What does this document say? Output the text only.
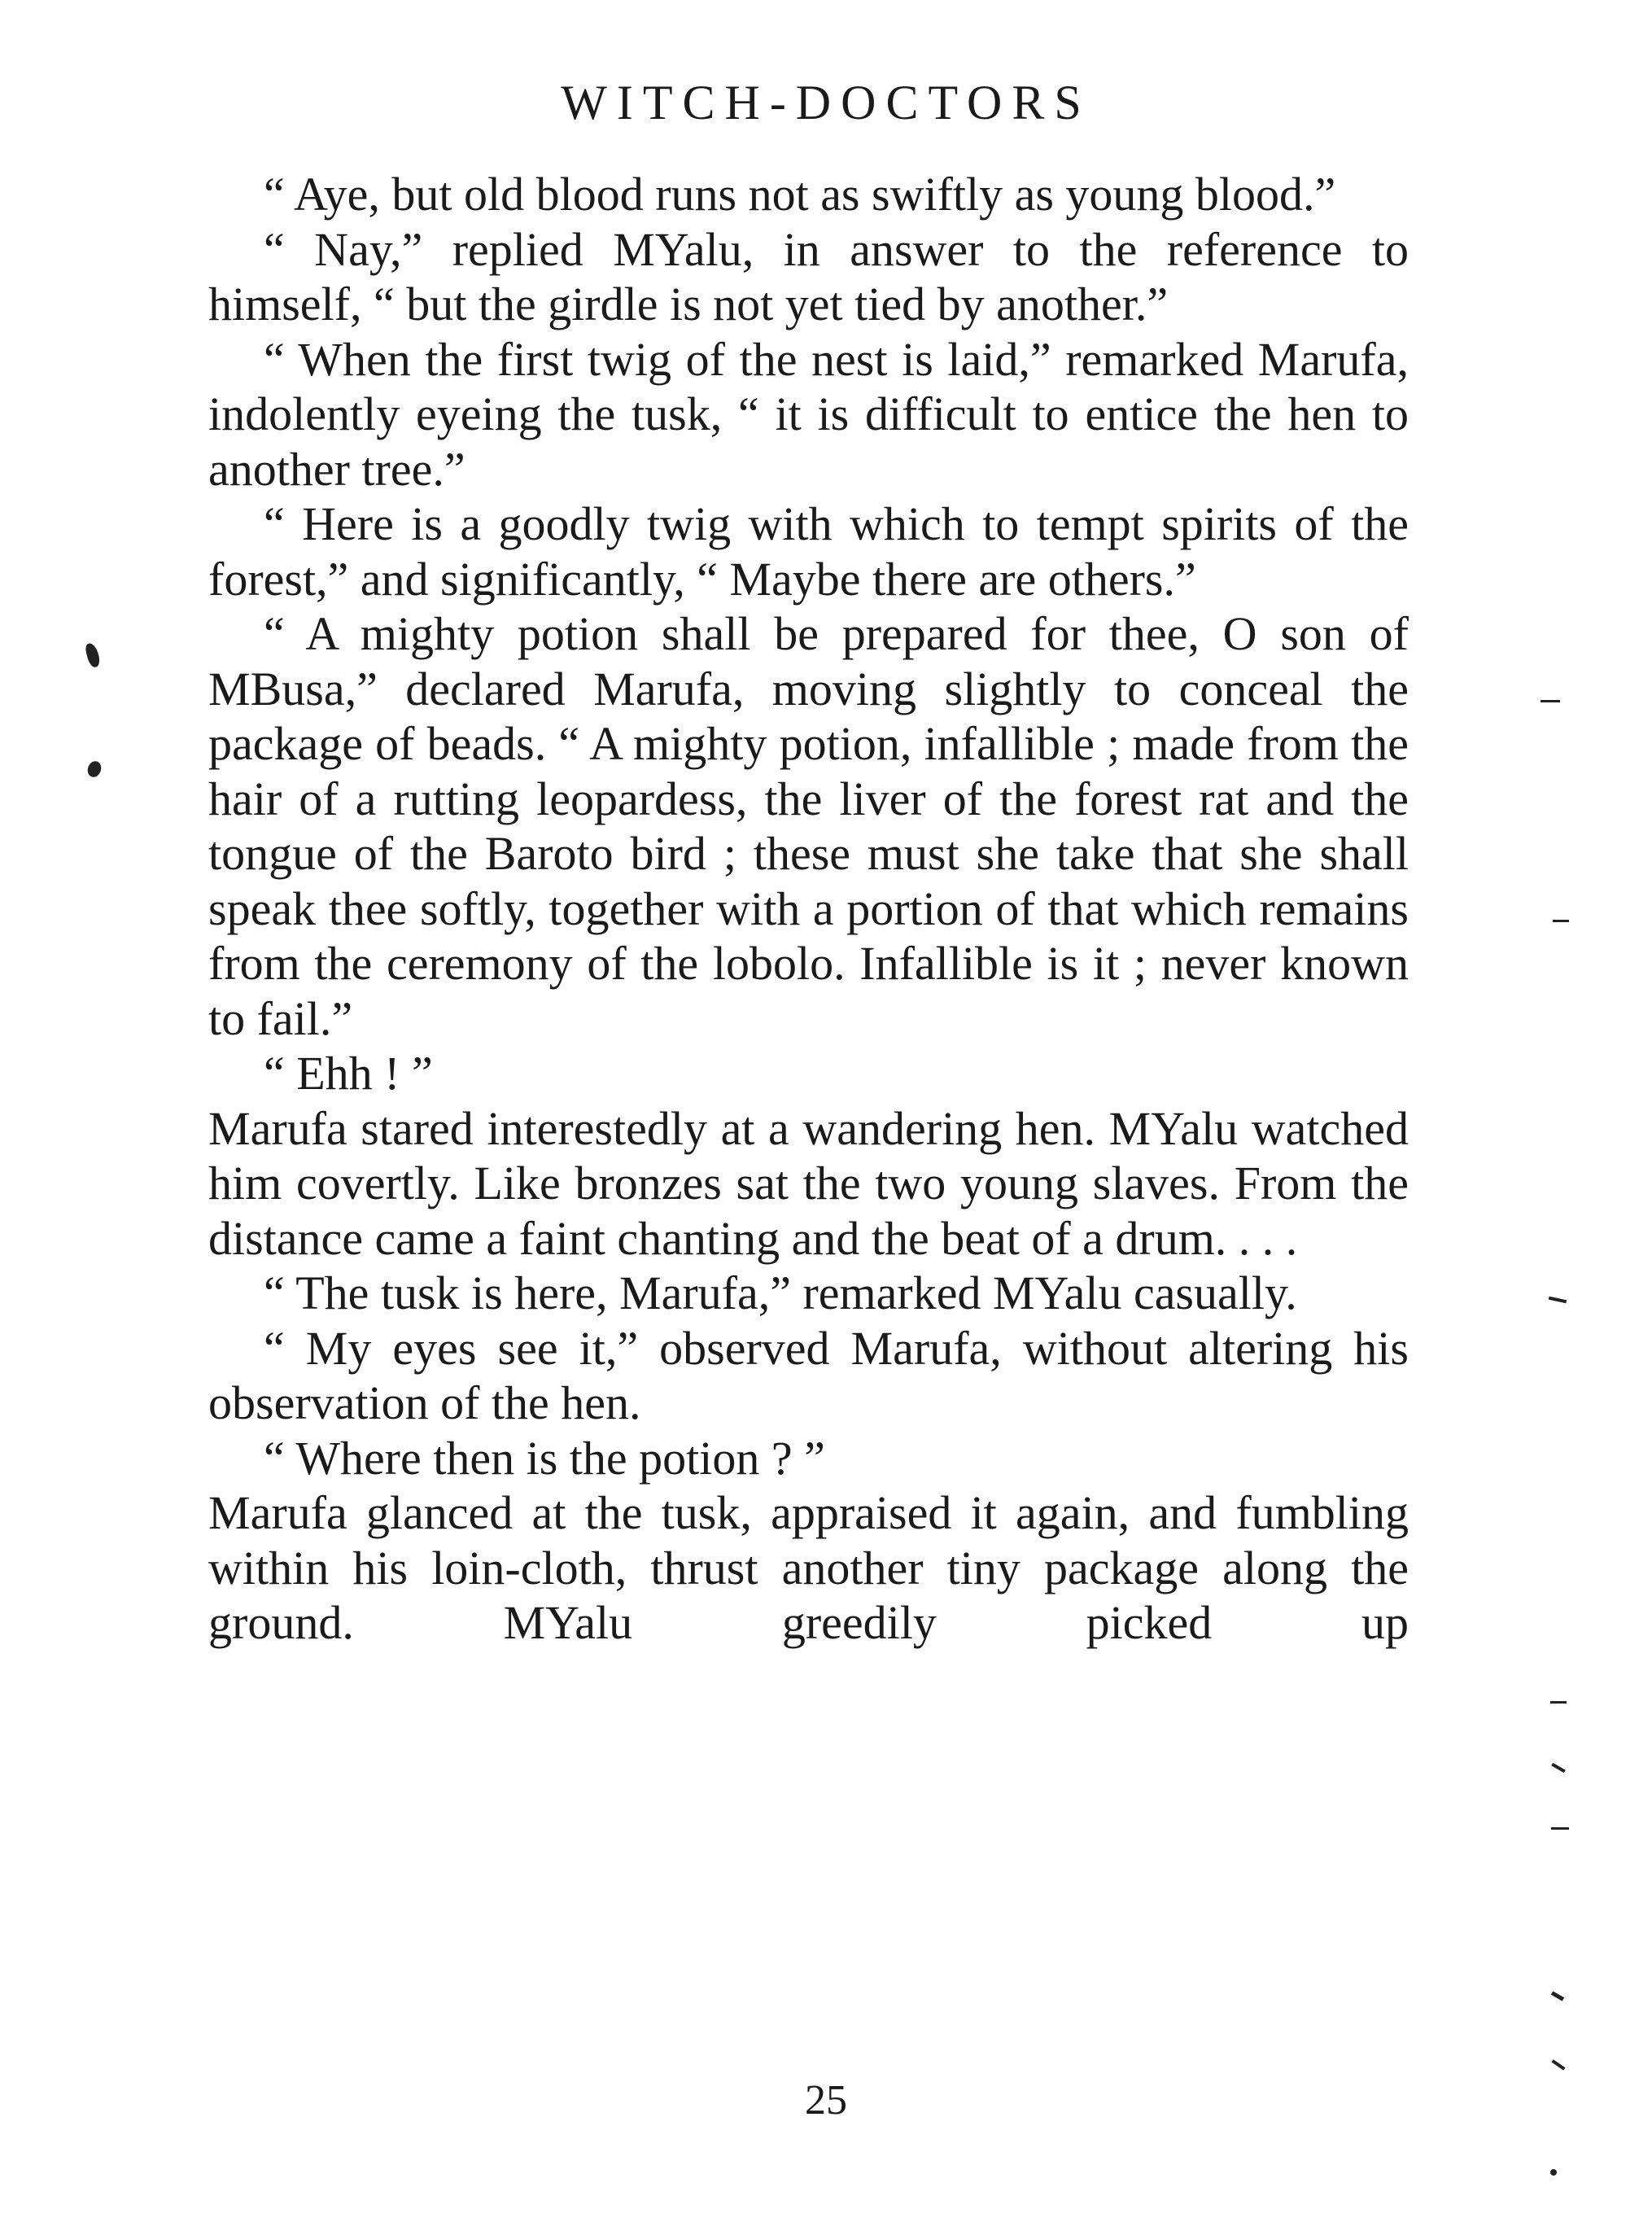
WITCH-DOCTORS

“ Aye, but old blood runs not as swiftly as young blood.”

“ Nay,” replied MYalu, in answer to the reference to himself, “ but the girdle is not yet tied by another.”

“ When the first twig of the nest is laid,” remarked Marufa, indolently eyeing the tusk, “ it is difficult to entice the hen to another tree.”

“ Here is a goodly twig with which to tempt spirits of the forest,” and significantly, “ Maybe there are others.”

“ A mighty potion shall be prepared for thee, O son of MBusa,” declared Marufa, moving slightly to conceal the package of beads. “ A mighty potion, infallible ; made from the hair of a rutting leopardess, the liver of the forest rat and the tongue of the Baroto bird ; these must she take that she shall speak thee softly, together with a portion of that which remains from the ceremony of the lobolo. Infallible is it ; never known to fail.”

“ Ehh ! ”

Marufa stared interestedly at a wandering hen. MYalu watched him covertly. Like bronzes sat the two young slaves. From the distance came a faint chanting and the beat of a drum. . . .

“ The tusk is here, Marufa,” remarked MYalu casually.

“ My eyes see it,” observed Marufa, without altering his observation of the hen.

“ Where then is the potion ? ”

Marufa glanced at the tusk, appraised it again, and fumbling within his loin-cloth, thrust another tiny package along the ground. MYalu greedily picked up

25
